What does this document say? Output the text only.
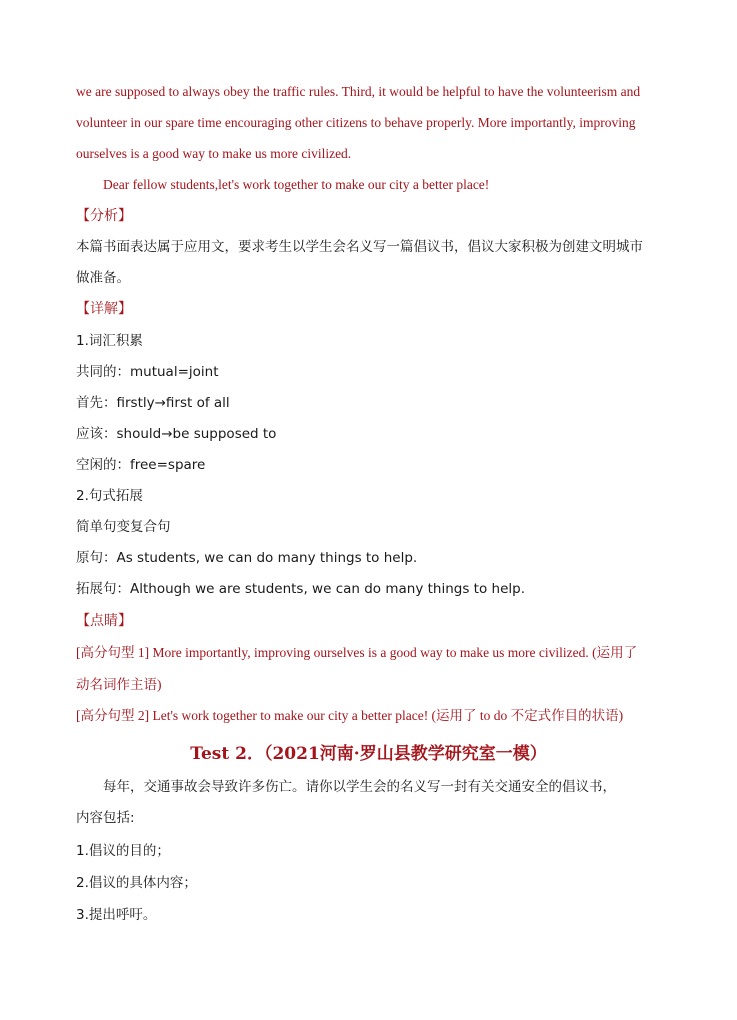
we are supposed to always obey the traffic rules. Third, it would be helpful to have the volunteerism and
volunteer in our spare time encouraging other citizens to behave properly. More importantly, improving
ourselves is a good way to make us more civilized.
Dear fellow students,let's work together to make our city a better place!
【分析】
本篇书面表达属于应用文，要求考生以学生会名义写一篇倡议书，倡议大家积极为创建文明城市
做准备。
【详解】
1.词汇积累
共同的：mutual=joint
首先：firstly→first of all
应该：should→be supposed to
空闲的：free=spare
2.句式拓展
简单句变复合句
原句：As students, we can do many things to help.
拓展句：Although we are students, we can do many things to help.
【点睛】
[高分句型 1] More importantly, improving ourselves is a good way to make us more civilized. (运用了
动名词作主语)
[高分句型 2] Let's work together to make our city a better place! (运用了 to do 不定式作目的状语)
Test 2．（2021河南·罗山县教学研究室一模）
每年，交通事故会导致许多伤亡。请你以学生会的名义写一封有关交通安全的倡议书，
内容包括:
1.倡议的目的；
2.倡议的具体内容；
3.提出呼吁。
